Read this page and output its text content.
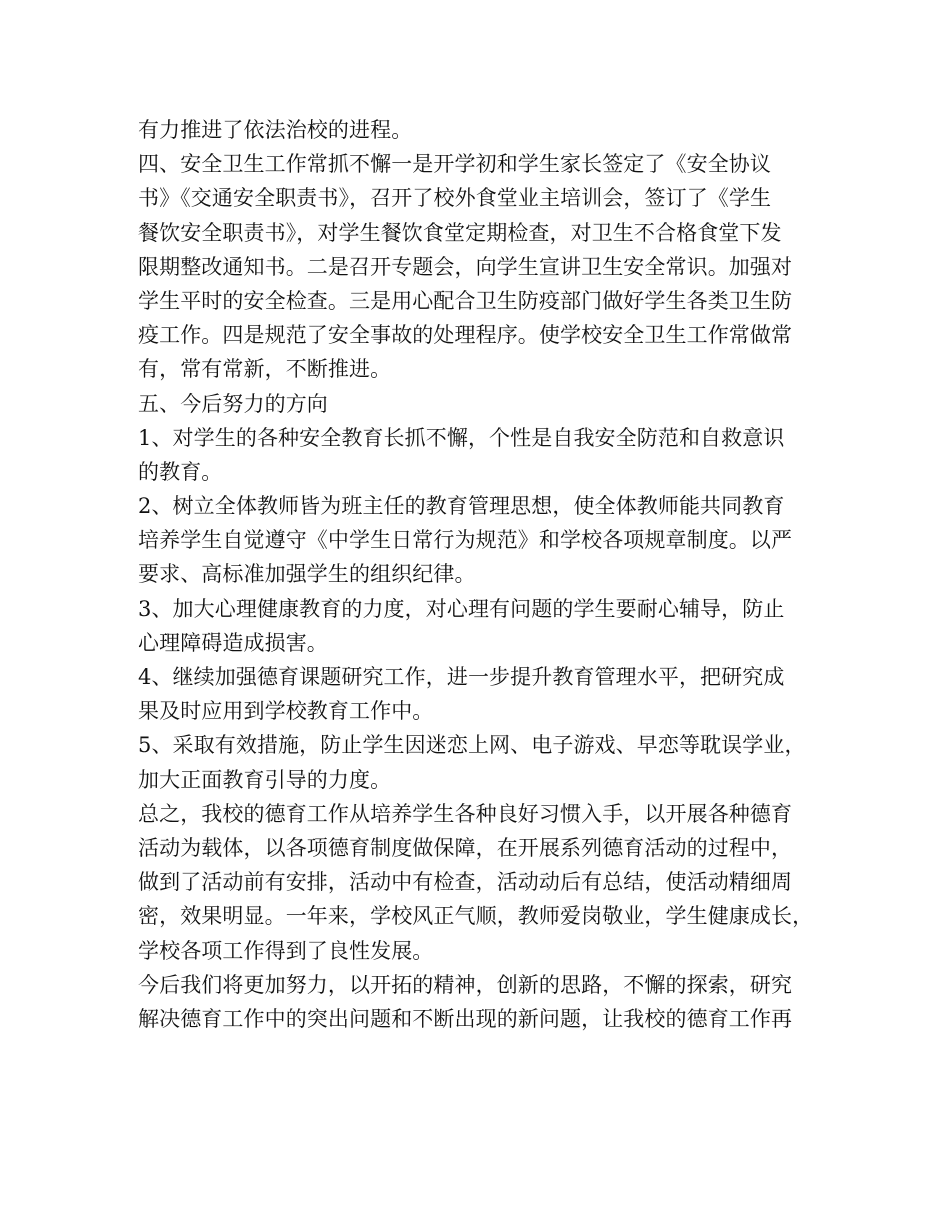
有力推进了依法治校的进程。
四、安全卫生工作常抓不懈一是开学初和学生家长签定了《安全协议
书》《交通安全职责书》，召开了校外食堂业主培训会，签订了《学生
餐饮安全职责书》，对学生餐饮食堂定期检查，对卫生不合格食堂下发
限期整改通知书。二是召开专题会，向学生宣讲卫生安全常识。加强对
学生平时的安全检查。三是用心配合卫生防疫部门做好学生各类卫生防
疫工作。四是规范了安全事故的处理程序。使学校安全卫生工作常做常
有，常有常新，不断推进。
五、今后努力的方向
1、对学生的各种安全教育长抓不懈，个性是自我安全防范和自救意识
的教育。
2、树立全体教师皆为班主任的教育管理思想，使全体教师能共同教育
培养学生自觉遵守《中学生日常行为规范》和学校各项规章制度。以严
要求、高标准加强学生的组织纪律。
3、加大心理健康教育的力度，对心理有问题的学生要耐心辅导，防止
心理障碍造成损害。
4、继续加强德育课题研究工作，进一步提升教育管理水平，把研究成
果及时应用到学校教育工作中。
5、采取有效措施，防止学生因迷恋上网、电子游戏、早恋等耽误学业，
加大正面教育引导的力度。
总之，我校的德育工作从培养学生各种良好习惯入手，以开展各种德育
活动为载体，以各项德育制度做保障，在开展系列德育活动的过程中，
做到了活动前有安排，活动中有检查，活动动后有总结，使活动精细周
密，效果明显。一年来，学校风正气顺，教师爱岗敬业，学生健康成长，
学校各项工作得到了良性发展。
今后我们将更加努力，以开拓的精神，创新的思路，不懈的探索，研究
解决德育工作中的突出问题和不断出现的新问题，让我校的德育工作再
